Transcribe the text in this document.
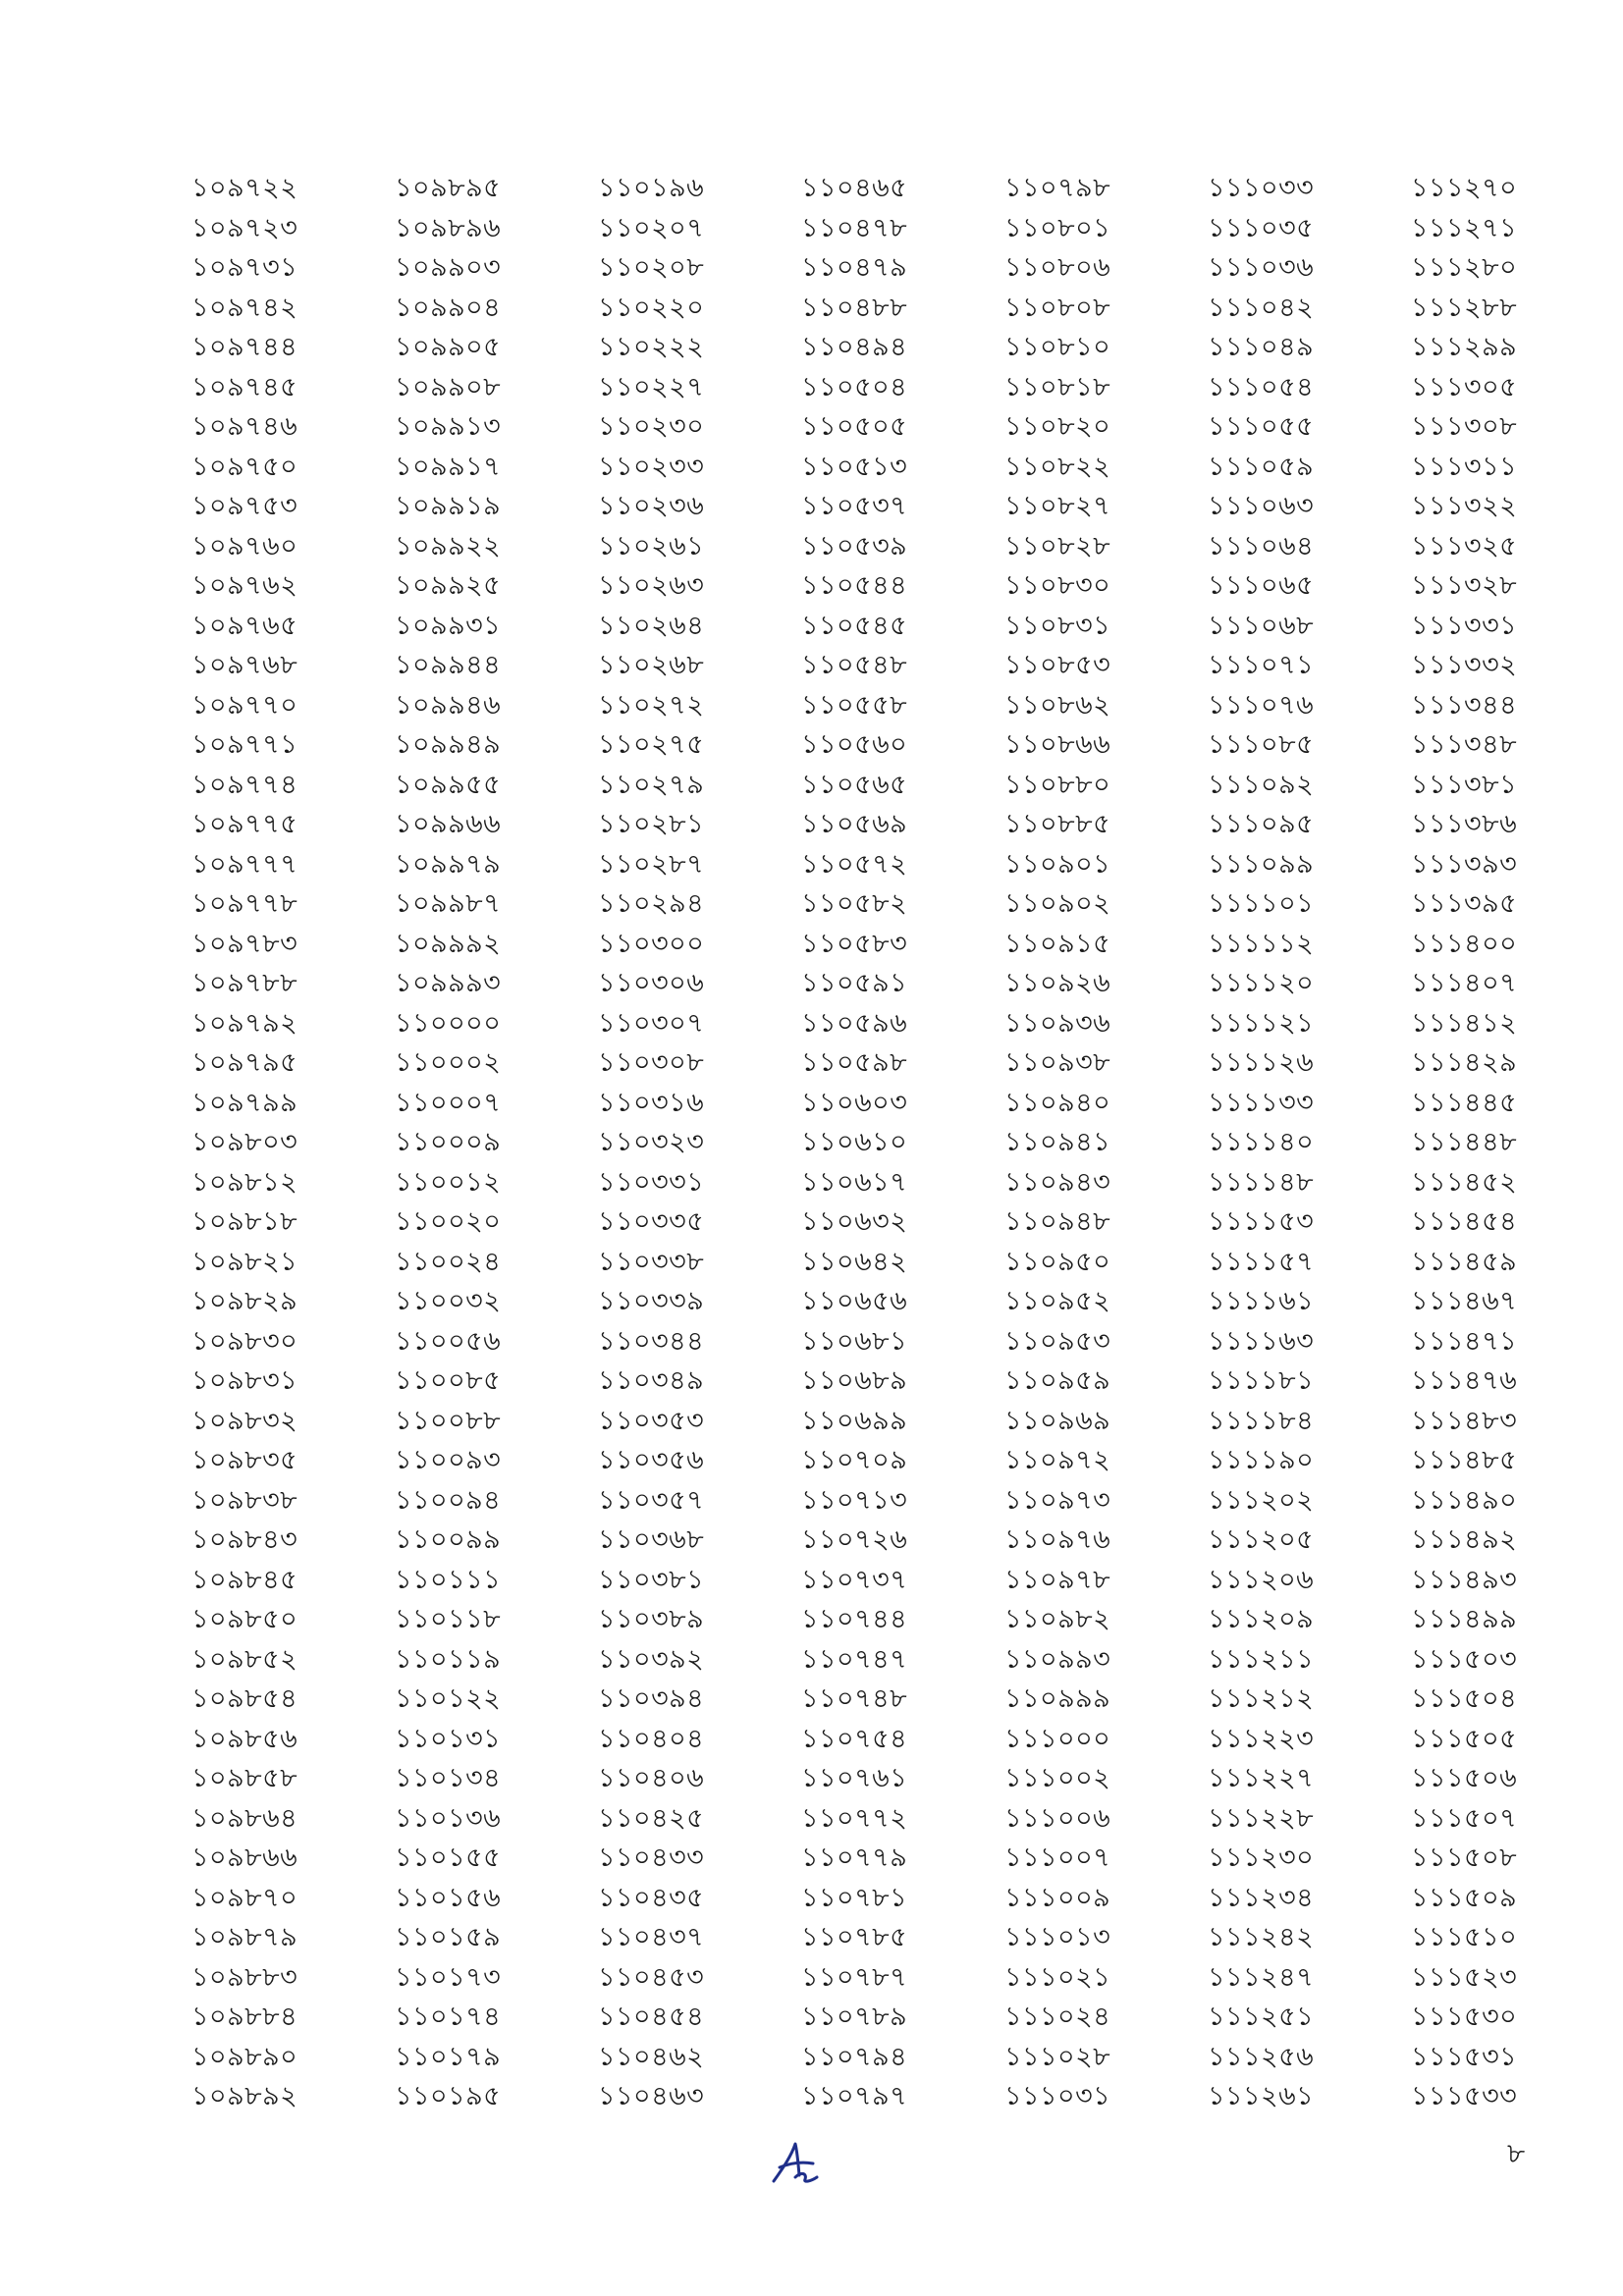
১০৯৭২২	১০৯৮৯৫	১১০১৯৬	১১০৪৬৫	১১০৭৯৮	১১১০৩৩	১১১২৭০
১০৯৭২৩	১০৯৮৯৬	১১০২০৭	১১০৪৭৮	১১০৮০১	১১১০৩৫	১১১২৭১
১০৯৭৩১	১০৯৯০৩	১১০২০৮	১১০৪৭৯	১১০৮০৬	১১১০৩৬	১১১২৮০
১০৯৭৪২	১০৯৯০৪	১১০২২০	১১০৪৮৮	১১০৮০৮	১১১০৪২	১১১২৮৮
১০৯৭৪৪	১০৯৯০৫	১১০২২২	১১০৪৯৪	১১০৮১০	১১১০৪৯	১১১২৯৯
১০৯৭৪৫	১০৯৯০৮	১১০২২৭	১১০৫০৪	১১০৮১৮	১১১০৫৪	১১১৩০৫
১০৯৭৪৬	১০৯৯১৩	১১০২৩০	১১০৫০৫	১১০৮২০	১১১০৫৫	১১১৩০৮
১০৯৭৫০	১০৯৯১৭	১১০২৩৩	১১০৫১৩	১১০৮২২	১১১০৫৯	১১১৩১১
১০৯৭৫৩	১০৯৯১৯	১১০২৩৬	১১০৫৩৭	১১০৮২৭	১১১০৬৩	১১১৩২২
১০৯৭৬০	১০৯৯২২	১১০২৬১	১১০৫৩৯	১১০৮২৮	১১১০৬৪	১১১৩২৫
১০৯৭৬২	১০৯৯২৫	১১০২৬৩	১১০৫৪৪	১১০৮৩০	১১১০৬৫	১১১৩২৮
১০৯৭৬৫	১০৯৯৩১	১১০২৬৪	১১০৫৪৫	১১০৮৩১	১১১০৬৮	১১১৩৩১
১০৯৭৬৮	১০৯৯৪৪	১১০২৬৮	১১০৫৪৮	১১০৮৫৩	১১১০৭১	১১১৩৩২
১০৯৭৭০	১০৯৯৪৬	১১০২৭২	১১০৫৫৮	১১০৮৬২	১১১০৭৬	১১১৩৪৪
১০৯৭৭১	১০৯৯৪৯	১১০২৭৫	১১০৫৬০	১১০৮৬৬	১১১০৮৫	১১১৩৪৮
১০৯৭৭৪	১০৯৯৫৫	১১০২৭৯	১১০৫৬৫	১১০৮৮০	১১১০৯২	১১১৩৮১
১০৯৭৭৫	১০৯৯৬৬	১১০২৮১	১১০৫৬৯	১১০৮৮৫	১১১০৯৫	১১১৩৮৬
১০৯৭৭৭	১০৯৯৭৯	১১০২৮৭	১১০৫৭২	১১০৯০১	১১১০৯৯	১১১৩৯৩
১০৯৭৭৮	১০৯৯৮৭	১১০২৯৪	১১০৫৮২	১১০৯০২	১১১১০১	১১১৩৯৫
১০৯৭৮৩	১০৯৯৯২	১১০৩০০	১১০৫৮৩	১১০৯১৫	১১১১১২	১১১৪০০
১০৯৭৮৮	১০৯৯৯৩	১১০৩০৬	১১০৫৯১	১১০৯২৬	১১১১২০	১১১৪০৭
১০৯৭৯২	১১০০০০	১১০৩০৭	১১০৫৯৬	১১০৯৩৬	১১১১২১	১১১৪১২
১০৯৭৯৫	১১০০০২	১১০৩০৮	১১০৫৯৮	১১০৯৩৮	১১১১২৬	১১১৪২৯
১০৯৭৯৯	১১০০০৭	১১০৩১৬	১১০৬০৩	১১০৯৪০	১১১১৩৩	১১১৪৪৫
১০৯৮০৩	১১০০০৯	১১০৩২৩	১১০৬১০	১১০৯৪১	১১১১৪০	১১১৪৪৮
১০৯৮১২	১১০০১২	১১০৩৩১	১১০৬১৭	১১০৯৪৩	১১১১৪৮	১১১৪৫২
১০৯৮১৮	১১০০২০	১১০৩৩৫	১১০৬৩২	১১০৯৪৮	১১১১৫৩	১১১৪৫৪
১০৯৮২১	১১০০২৪	১১০৩৩৮	১১০৬৪২	১১০৯৫০	১১১১৫৭	১১১৪৫৯
১০৯৮২৯	১১০০৩২	১১০৩৩৯	১১০৬৫৬	১১০৯৫২	১১১১৬১	১১১৪৬৭
১০৯৮৩০	১১০০৫৬	১১০৩৪৪	১১০৬৮১	১১০৯৫৩	১১১১৬৩	১১১৪৭১
১০৯৮৩১	১১০০৮৫	১১০৩৪৯	১১০৬৮৯	১১০৯৫৯	১১১১৮১	১১১৪৭৬
১০৯৮৩২	১১০০৮৮	১১০৩৫৩	১১০৬৯৯	১১০৯৬৯	১১১১৮৪	১১১৪৮৩
১০৯৮৩৫	১১০০৯৩	১১০৩৫৬	১১০৭০৯	১১০৯৭২	১১১১৯০	১১১৪৮৫
১০৯৮৩৮	১১০০৯৪	১১০৩৫৭	১১০৭১৩	১১০৯৭৩	১১১২০২	১১১৪৯০
১০৯৮৪৩	১১০০৯৯	১১০৩৬৮	১১০৭২৬	১১০৯৭৬	১১১২০৫	১১১৪৯২
১০৯৮৪৫	১১০১১১	১১০৩৮১	১১০৭৩৭	১১০৯৭৮	১১১২০৬	১১১৪৯৩
১০৯৮৫০	১১০১১৮	১১০৩৮৯	১১০৭৪৪	১১০৯৮২	১১১২০৯	১১১৪৯৯
১০৯৮৫২	১১০১১৯	১১০৩৯২	১১০৭৪৭	১১০৯৯৩	১১১২১১	১১১৫০৩
১০৯৮৫৪	১১০১২২	১১০৩৯৪	১১০৭৪৮	১১০৯৯৯	১১১২১২	১১১৫০৪
১০৯৮৫৬	১১০১৩১	১১০৪০৪	১১০৭৫৪	১১১০০০	১১১২২৩	১১১৫০৫
১০৯৮৫৮	১১০১৩৪	১১০৪০৬	১১০৭৬১	১১১০০২	১১১২২৭	১১১৫০৬
১০৯৮৬৪	১১০১৩৬	১১০৪২৫	১১০৭৭২	১১১০০৬	১১১২২৮	১১১৫০৭
১০৯৮৬৬	১১০১৫৫	১১০৪৩৩	১১০৭৭৯	১১১০০৭	১১১২৩০	১১১৫০৮
১০৯৮৭০	১১০১৫৬	১১০৪৩৫	১১০৭৮১	১১১০০৯	১১১২৩৪	১১১৫০৯
১০৯৮৭৯	১১০১৫৯	১১০৪৩৭	১১০৭৮৫	১১১০১৩	১১১২৪২	১১১৫১০
১০৯৮৮৩	১১০১৭৩	১১০৪৫৩	১১০৭৮৭	১১১০২১	১১১২৪৭	১১১৫২৩
১০৯৮৮৪	১১০১৭৪	১১০৪৫৪	১১০৭৮৯	১১১০২৪	১১১২৫১	১১১৫৩০
১০৯৮৯০	১১০১৭৯	১১০৪৬২	১১০৭৯৪	১১১০২৮	১১১২৫৬	১১১৫৩১
১০৯৮৯২	১১০১৯৫	১১০৪৬৩	১১০৭৯৭	১১১০৩১	১১১২৬১	১১১৫৩৩
৮
